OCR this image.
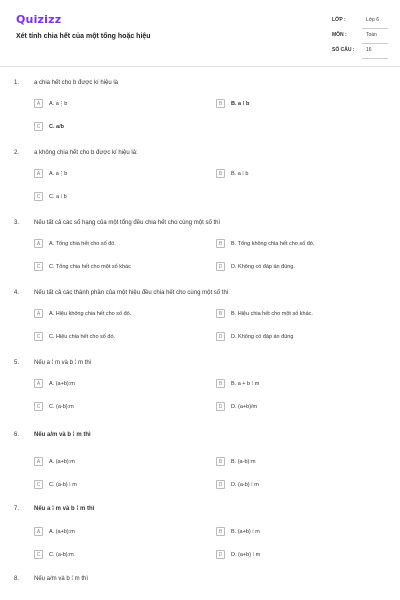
Quizizz
Xét tính chia hết của một tổng hoặc hiệu
LỚP :	Lớp 6
MÔN :	Toán
SỐ CÂU : 16
1. a chia hết cho b được kí hiệu là
A	A. a⋮b	B	B. a ⁞ b
C	C. a/b
2. a không chia hết cho b được kí hiệu là:
A	A. a⋮b	B	B. a ⁞ b
C	C. a ⁞ b
3. Nếu tất cả các số hạng của một tổng đều chia hết cho cùng một số thì
A	A. Tổng chia hết cho số đó.	B	B. Tổng không chia hết cho số đó.
C	C. Tổng chia hết cho một số khác	D	D. Không có đáp án đúng.
4. Nếu tất cả các thành phần của một hiệu đều chia hết cho cùng một số thì
A	A. Hiệu không chia hết cho số đó.	B	B. Hiệu chia hết cho một số khác.
C	C. Hiệu chia hết cho số đó.	D	D. Không có đáp án đúng
5. Nếu a ⁞ m và b ⁞ m thì
A	A. (a+b):m	B	B. a + b ⁞ m
C	C. (a-b):m	D	D. (a+b)/m
6. Nếu a/m và b ⁞ m thì
A	A. (a+b):m	B	B. (a-b):m
C	C. (a-b) ⁞ m	D	D. (a-b) ⁞ m
7. Nếu a ⁞ m và b ⁞ m thì
A	A. (a+b):m	B	B. (a+b) ⁞ m
C	C. (a-b):m	D	D. (a+b) ⁞ m
8. Nếu a/m và b ⁞ m thì
